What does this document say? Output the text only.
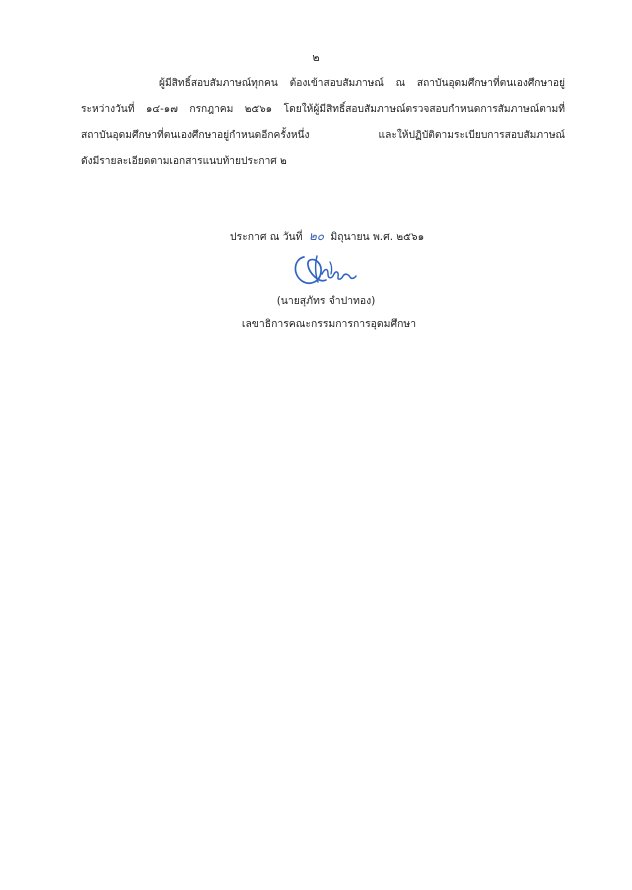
๒
ผู้มีสิทธิ์สอบสัมภาษณ์ทุกคน ต้องเข้าสอบสัมภาษณ์ ณ สถาบันอุดมศึกษาที่ตนเองศึกษาอยู่
ระหว่างวันที่ ๑๔-๑๗ กรกฎาคม ๒๕๖๑ โดยให้ผู้มีสิทธิ์สอบสัมภาษณ์ตรวจสอบกำหนดการสัมภาษณ์ตามที่
สถาบันอุดมศึกษาที่ตนเองศึกษาอยู่กำหนดอีกครั้งหนึ่ง และให้ปฏิบัติตามระเบียบการสอบสัมภาษณ์
ดังมีรายละเอียดตามเอกสารแนบท้ายประกาศ ๒
ประกาศ ณ วันที่ ๒๐ มิถุนายน พ.ศ. ๒๕๖๑
(นายสุภัทร จำปาทอง)
เลขาธิการคณะกรรมการการอุดมศึกษา
